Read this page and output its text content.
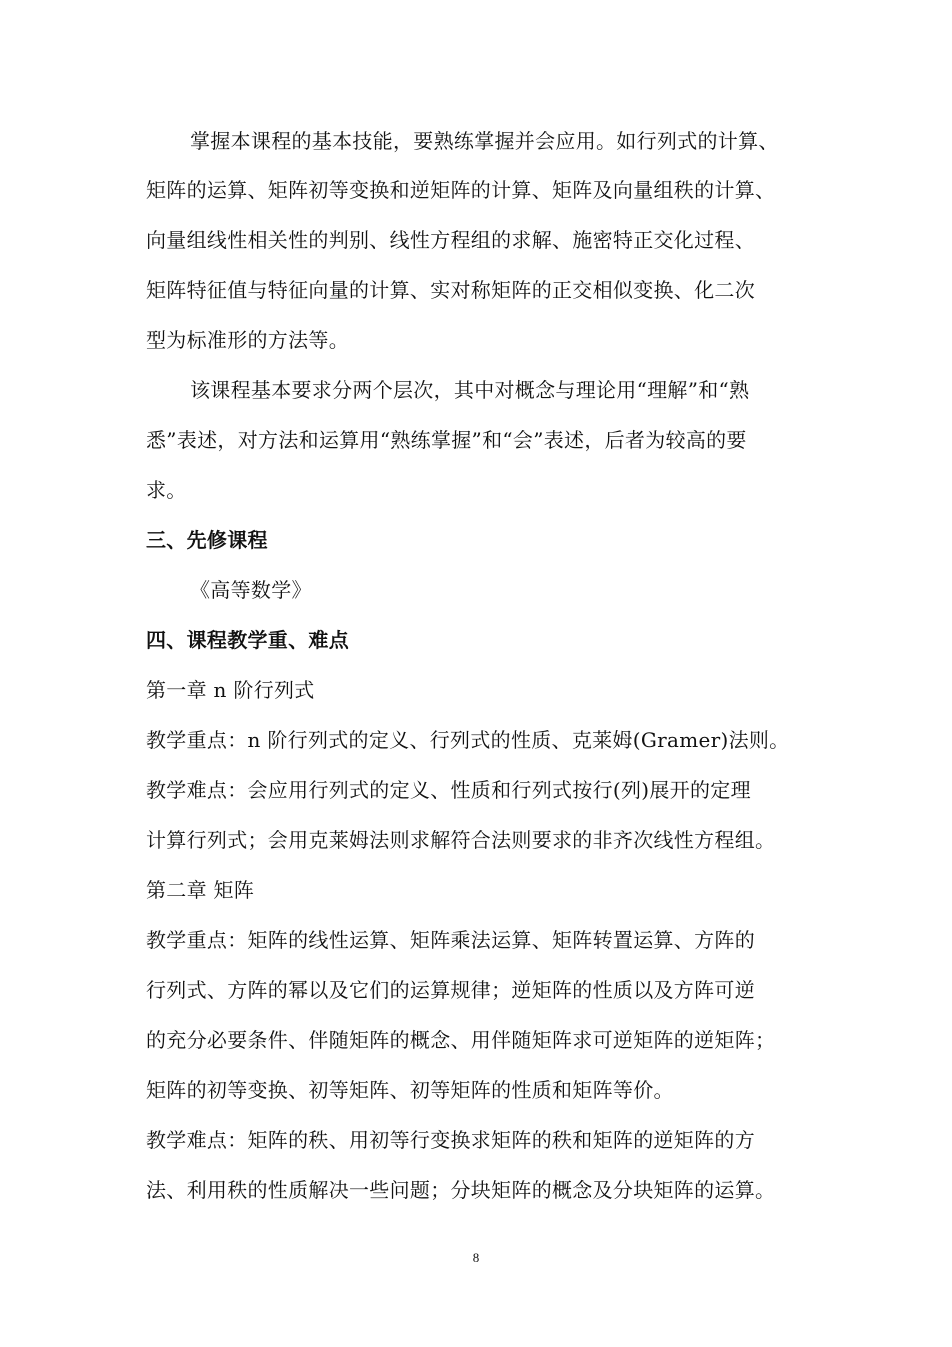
掌握本课程的基本技能，要熟练掌握并会应用。如行列式的计算、
矩阵的运算、矩阵初等变换和逆矩阵的计算、矩阵及向量组秩的计算、
向量组线性相关性的判别、线性方程组的求解、施密特正交化过程、
矩阵特征值与特征向量的计算、实对称矩阵的正交相似变换、化二次
型为标准形的方法等。
该课程基本要求分两个层次，其中对概念与理论用“理解”和“熟
悉”表述，对方法和运算用“熟练掌握”和“会”表述，后者为较高的要
求。
三、先修课程
《高等数学》
四、课程教学重、难点
第一章 n 阶行列式
教学重点：n 阶行列式的定义、行列式的性质、克莱姆(Gramer)法则。
教学难点：会应用行列式的定义、性质和行列式按行(列)展开的定理
计算行列式；会用克莱姆法则求解符合法则要求的非齐次线性方程组。
第二章 矩阵
教学重点：矩阵的线性运算、矩阵乘法运算、矩阵转置运算、方阵的
行列式、方阵的幂以及它们的运算规律；逆矩阵的性质以及方阵可逆
的充分必要条件、伴随矩阵的概念、用伴随矩阵求可逆矩阵的逆矩阵；
矩阵的初等变换、初等矩阵、初等矩阵的性质和矩阵等价。
教学难点：矩阵的秩、用初等行变换求矩阵的秩和矩阵的逆矩阵的方
法、利用秩的性质解决一些问题；分块矩阵的概念及分块矩阵的运算。
8
